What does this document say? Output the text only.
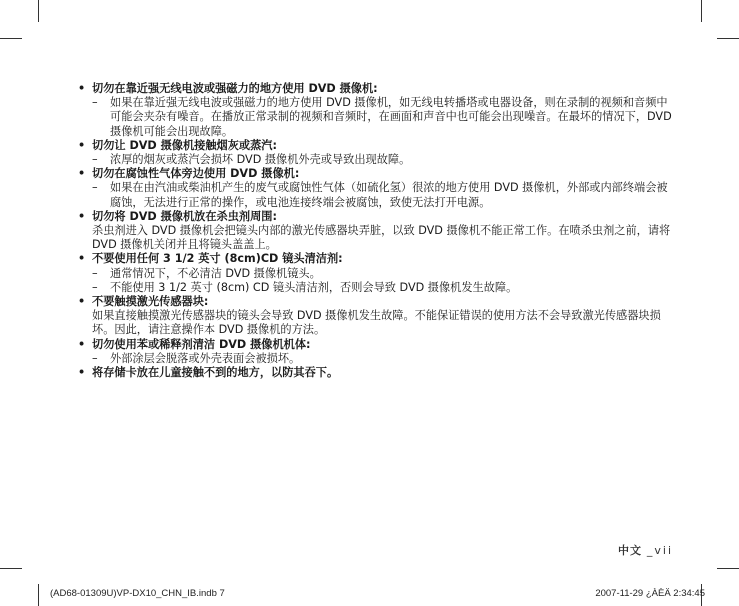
• 切勿在靠近强无线电波或强磁力的地方使用 DVD 摄像机:
– 如果在靠近强无线电波或强磁力的地方使用 DVD 摄像机，如无线电转播塔或电器设备，则在录制的视频和音频中可能会夹杂有噪音。在播放正常录制的视频和音频时，在画面和声音中也可能会出现噪音。在最坏的情况下，DVD 摄像机可能会出现故障。
• 切勿让 DVD 摄像机接触烟灰或蒸汽:
– 浓厚的烟灰或蒸汽会损坏 DVD 摄像机外壳或导致出现故障。
• 切勿在腐蚀性气体旁边使用 DVD 摄像机:
– 如果在由汽油或柴油机产生的废气或腐蚀性气体（如硫化氢）很浓的地方使用 DVD 摄像机，外部或内部终端会被腐蚀，无法进行正常的操作，或电池连接终端会被腐蚀，致使无法打开电源。
• 切勿将 DVD 摄像机放在杀虫剂周围:
杀虫剂进入 DVD 摄像机会把镜头内部的激光传感器块弄脏，以致 DVD 摄像机不能正常工作。在喷杀虫剂之前，请将 DVD 摄像机关闭并且将镜头盖盖上。
• 不要使用任何 3 1/2 英寸 (8cm)CD 镜头清洁剂:
– 通常情况下，不必清洁 DVD 摄像机镜头。
– 不能使用 3 1/2 英寸 (8cm) CD 镜头清洁剂，否则会导致 DVD 摄像机发生故障。
• 不要触摸激光传感器块:
如果直接触摸激光传感器块的镜头会导致 DVD 摄像机发生故障。不能保证错误的使用方法不会导致激光传感器块损坏。因此，请注意操作本 DVD 摄像机的方法。
• 切勿使用苯或稀释剂清洁 DVD 摄像机机体:
– 外部涂层会脱落或外壳表面会被损坏。
• 将存储卡放在儿童接触不到的地方，以防其吞下。
中文 _vii
(AD68-01309U)VP-DX10_CHN_IB.indb 7	2007-11-29 ¿ÀÈÄ 2:34:45
